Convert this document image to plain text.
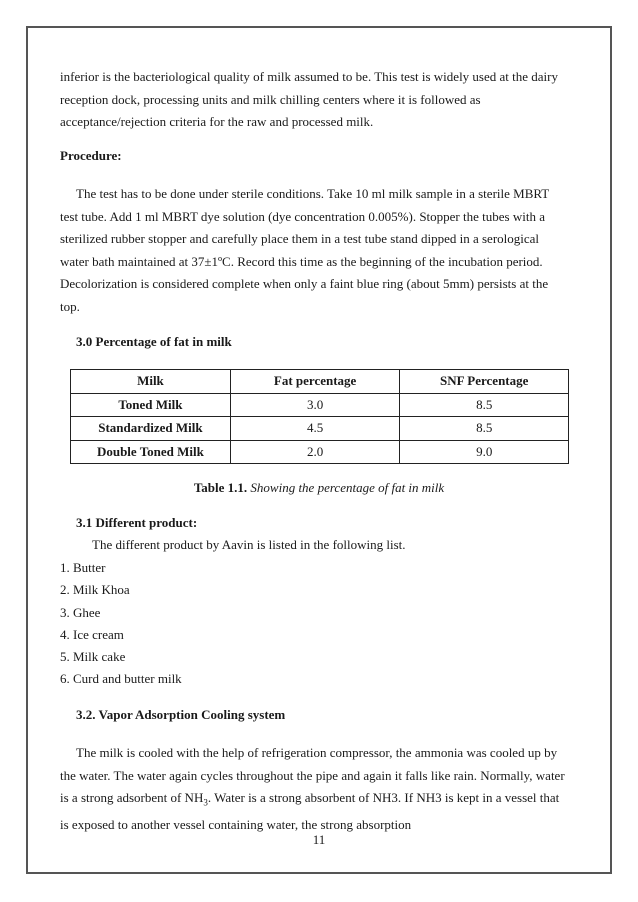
inferior is the bacteriological quality of milk assumed to be. This test is widely used at the dairy reception dock, processing units and milk chilling centers where it is followed as acceptance/rejection criteria for the raw and processed milk.

Procedure:

The test has to be done under sterile conditions. Take 10 ml milk sample in a sterile MBRT test tube. Add 1 ml MBRT dye solution (dye concentration 0.005%). Stopper the tubes with a sterilized rubber stopper and carefully place them in a test tube stand dipped in a serological water bath maintained at 37±1ºC. Record this time as the beginning of the incubation period. Decolorization is considered complete when only a faint blue ring (about 5mm) persists at the top.

3.0 Percentage of fat in milk

Milk	Fat percentage	SNF Percentage
Toned Milk	3.0	8.5
Standardized Milk	4.5	8.5
Double Toned Milk	2.0	9.0
Table 1.1. Showing the percentage of fat in milk

3.1 Different product:

The different product by Aavin is listed in the following list.

1. Butter
2. Milk Khoa
3. Ghee
4. Ice cream
5. Milk cake
6. Curd and butter milk

3.2. Vapor Adsorption Cooling system

The milk is cooled with the help of refrigeration compressor, the ammonia was cooled up by the water. The water again cycles throughout the pipe and again it falls like rain. Normally, water is a strong adsorbent of $NH_3$. Water is a strong absorbent of NH3. If NH3 is kept in a vessel that is exposed to another vessel containing water, the strong absorption

11
